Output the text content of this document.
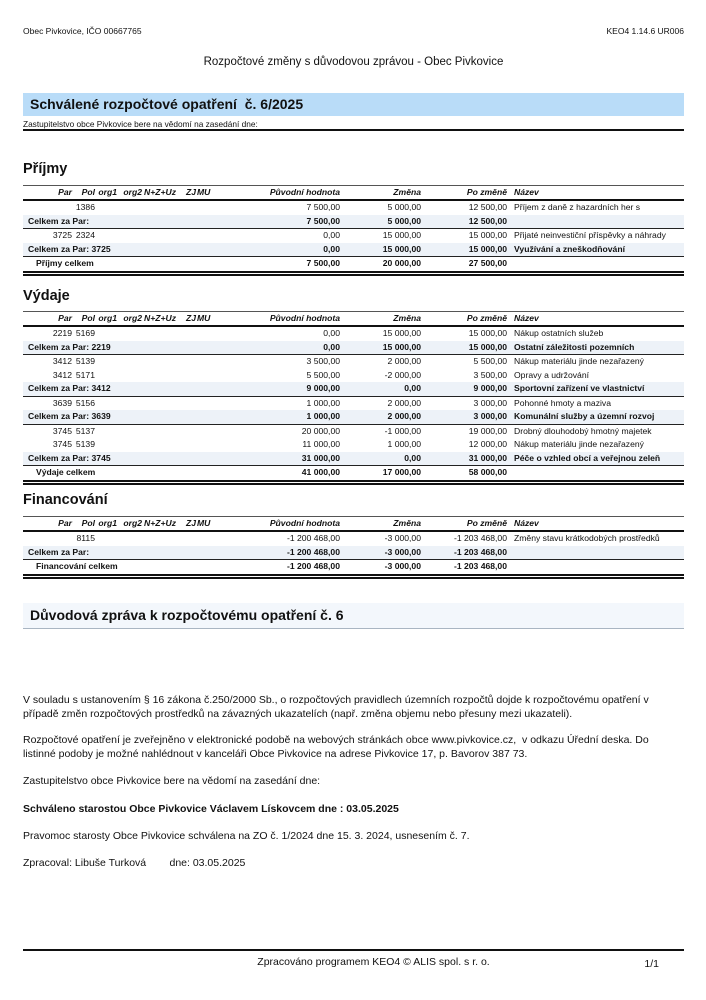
Obec Pivkovice, IČO 00667765	KEO4 1.14.6 UR006
Rozpočtové změny s důvodovou zprávou - Obec Pivkovice
Schválené rozpočtové opatření  č. 6/2025
Zastupitelstvo obce Pivkovice bere na vědomí na zasedání dne:
Příjmy
Par	Pol	org1	org2	N+Z+Uz	ZJ	MU	Původní hodnota	Změna	Po změně	Název
	1386						7 500,00	5 000,00	12 500,00	Příjem z daně z hazardních her s
Celkem za Par:							7 500,00	5 000,00	12 500,00	
3725	2324						0,00	15 000,00	15 000,00	Přijaté neinvestiční příspěvky a náhrady
Celkem za Par: 3725							0,00	15 000,00	15 000,00	Využívání a zneškodňování
Příjmy celkem							7 500,00	20 000,00	27 500,00	
Výdaje
Par	Pol	org1	org2	N+Z+Uz	ZJ	MU	Původní hodnota	Změna	Po změně	Název
2219	5169						0,00	15 000,00	15 000,00	Nákup ostatních služeb
Celkem za Par: 2219							0,00	15 000,00	15 000,00	Ostatní záležitosti pozemních
3412	5139						3 500,00	2 000,00	5 500,00	Nákup materiálu jinde nezařazený
3412	5171						5 500,00	-2 000,00	3 500,00	Opravy a udržování
Celkem za Par: 3412							9 000,00	0,00	9 000,00	Sportovní zařízení ve vlastnictví
3639	5156						1 000,00	2 000,00	3 000,00	Pohonné hmoty a maziva
Celkem za Par: 3639							1 000,00	2 000,00	3 000,00	Komunální služby a územní rozvoj
3745	5137						20 000,00	-1 000,00	19 000,00	Drobný dlouhodobý hmotný majetek
3745	5139						11 000,00	1 000,00	12 000,00	Nákup materiálu jinde nezařazený
Celkem za Par: 3745							31 000,00	0,00	31 000,00	Péče o vzhled obcí a veřejnou zeleň
Výdaje celkem							41 000,00	17 000,00	58 000,00	
Financování
Par	Pol	org1	org2	N+Z+Uz	ZJ	MU	Původní hodnota	Změna	Po změně	Název
	8115						-1 200 468,00	-3 000,00	-1 203 468,00	Změny stavu krátkodobých prostředků
Celkem za Par:							-1 200 468,00	-3 000,00	-1 203 468,00	
Financování celkem							-1 200 468,00	-3 000,00	-1 203 468,00	
Důvodová zpráva k rozpočtovému opatření č. 6

V souladu s ustanovením § 16 zákona č.250/2000 Sb., o rozpočtových pravidlech územních rozpočtů dojde k rozpočtovému opatření v případě změn rozpočtových prostředků na závazných ukazatelích (např. změna objemu nebo přesuny mezi ukazateli).

Rozpočtové opatření je zveřejněno v elektronické podobě na webových stránkách obce www.pivkovice.cz,  v odkazu Úřední deska. Do listinné podoby je možné nahlédnout v kanceláři Obce Pivkovice na adrese Pivkovice 17, p. Bavorov 387 73.

Zastupitelstvo obce Pivkovice bere na vědomí na zasedání dne:

Schváleno starostou Obce Pivkovice Václavem Lískovcem dne : 03.05.2025

Pravomoc starosty Obce Pivkovice schválena na ZO č. 1/2024 dne 15. 3. 2024, usnesením č. 7.

Zpracoval: Libuše Turková        dne: 03.05.2025

Zpracováno programem KEO4 © ALIS spol. s r. o.	1/1
